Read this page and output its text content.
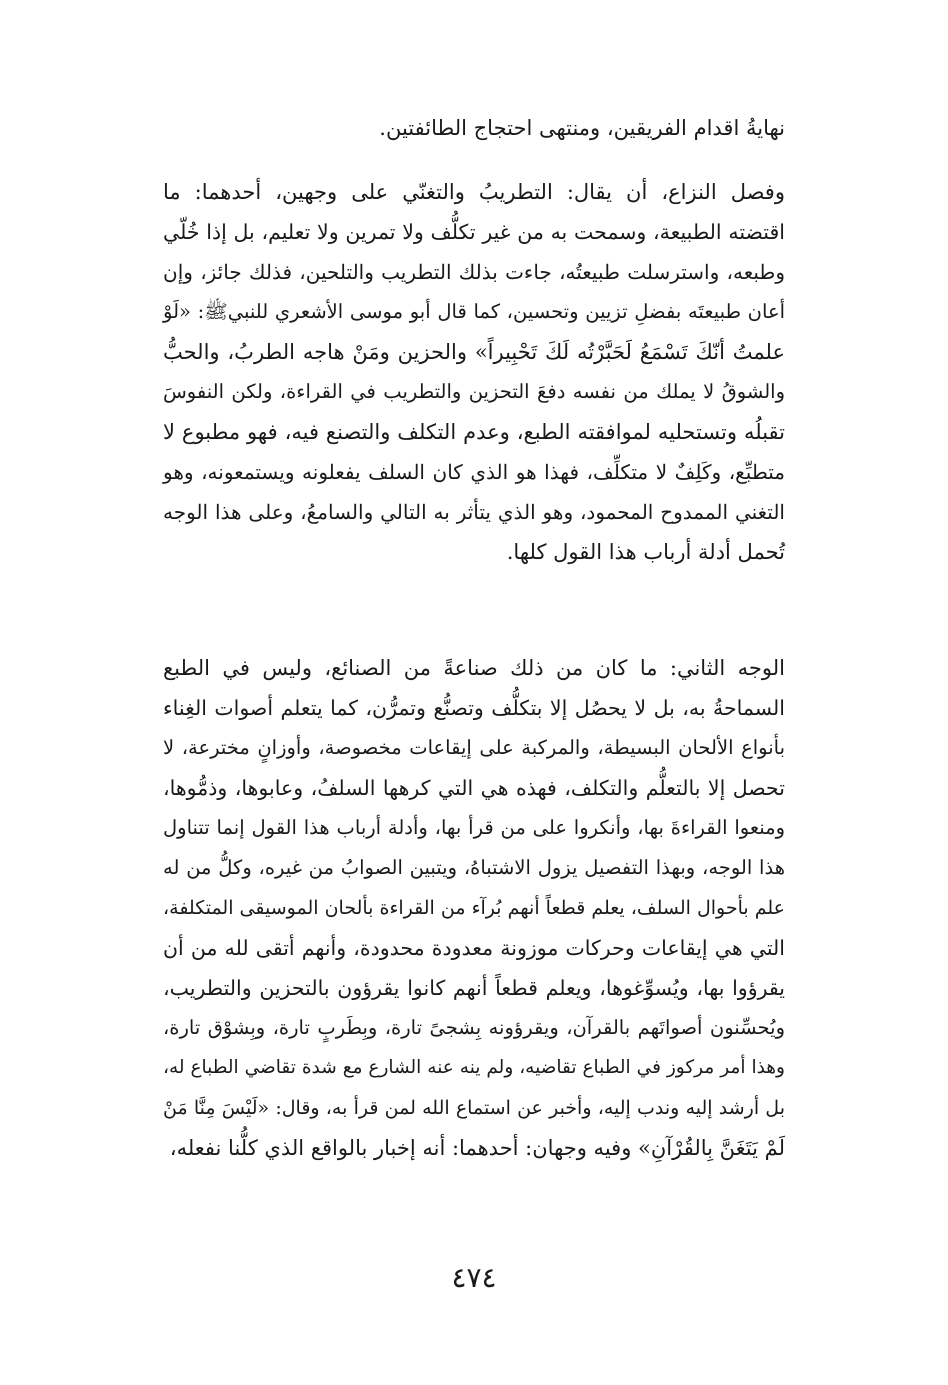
نهايةُ اقدام الفريقين، ومنتهى احتجاج الطائفتين.
وفصل النزاع، أن يقال: التطريبُ والتغنّي على وجهين، أحدهما: ما
اقتضته الطبيعة، وسمحت به من غير تكلُّف ولا تمرين ولا تعليم، بل إذا خُلّي
وطبعه، واسترسلت طبيعتُه، جاءت بذلك التطريب والتلحين، فذلك جائز، وإن
أعان طبيعتَه بفضلِ تزيين وتحسين، كما قال أبو موسى الأشعري للنبيﷺ: «لَوْ
علمتُ أنّكَ تَسْمَعُ لَحَبَّرْتُه لَكَ تَحْبِيراً» والحزين ومَنْ هاجه الطربُ، والحبُّ
والشوقُ لا يملك من نفسه دفعَ التحزين والتطريب في القراءة، ولكن النفوسَ
تقبلُه وتستحليه لموافقته الطبع، وعدم التكلف والتصنع فيه، فهو مطبوع لا
متطبِّع، وكَلِفٌ لا متكلِّف، فهذا هو الذي كان السلف يفعلونه ويستمعونه، وهو
التغني الممدوح المحمود، وهو الذي يتأثر به التالي والسامعُ، وعلى هذا الوجه
تُحمل أدلة أرباب هذا القول كلها.
الوجه الثاني: ما كان من ذلك صناعةً من الصنائع، وليس في الطبع
السماحةُ به، بل لا يحصُل إلا بتكلُّف وتصنُّع وتمرُّن، كما يتعلم أصوات الغِناء
بأنواع الألحان البسيطة، والمركبة على إيقاعات مخصوصة، وأوزانٍ مخترعة، لا
تحصل إلا بالتعلُّم والتكلف، فهذه هي التي كرهها السلفُ، وعابوها، وذمُّوها،
ومنعوا القراءةَ بها، وأنكروا على من قرأ بها، وأدلة أرباب هذا القول إنما تتناول
هذا الوجه، وبهذا التفصيل يزول الاشتباهُ، ويتبين الصوابُ من غيره، وكلُّ من له
علم بأحوال السلف، يعلم قطعاً أنهم بُرآء من القراءة بألحان الموسيقى المتكلفة،
التي هي إيقاعات وحركات موزونة معدودة محدودة، وأنهم أتقى لله من أن
يقرؤوا بها، ويُسوِّغوها، ويعلم قطعاً أنهم كانوا يقرؤون بالتحزين والتطريب،
ويُحسِّنون أصواتَهم بالقرآن، ويقرؤونه بِشجىً تارة، وبِطَربٍ تارة، وبِشوْق تارة،
وهذا أمر مركوز في الطباع تقاضيه، ولم ينه عنه الشارع مع شدة تقاضي الطباع له،
بل أرشد إليه وندب إليه، وأخبر عن استماع الله لمن قرأ به، وقال: «لَيْسَ مِنَّا مَنْ
لَمْ يَتَغَنَّ بِالقُرْآنِ» وفيه وجهان: أحدهما: أنه إخبار بالواقع الذي كلُّنا نفعله،
٤٧٤
